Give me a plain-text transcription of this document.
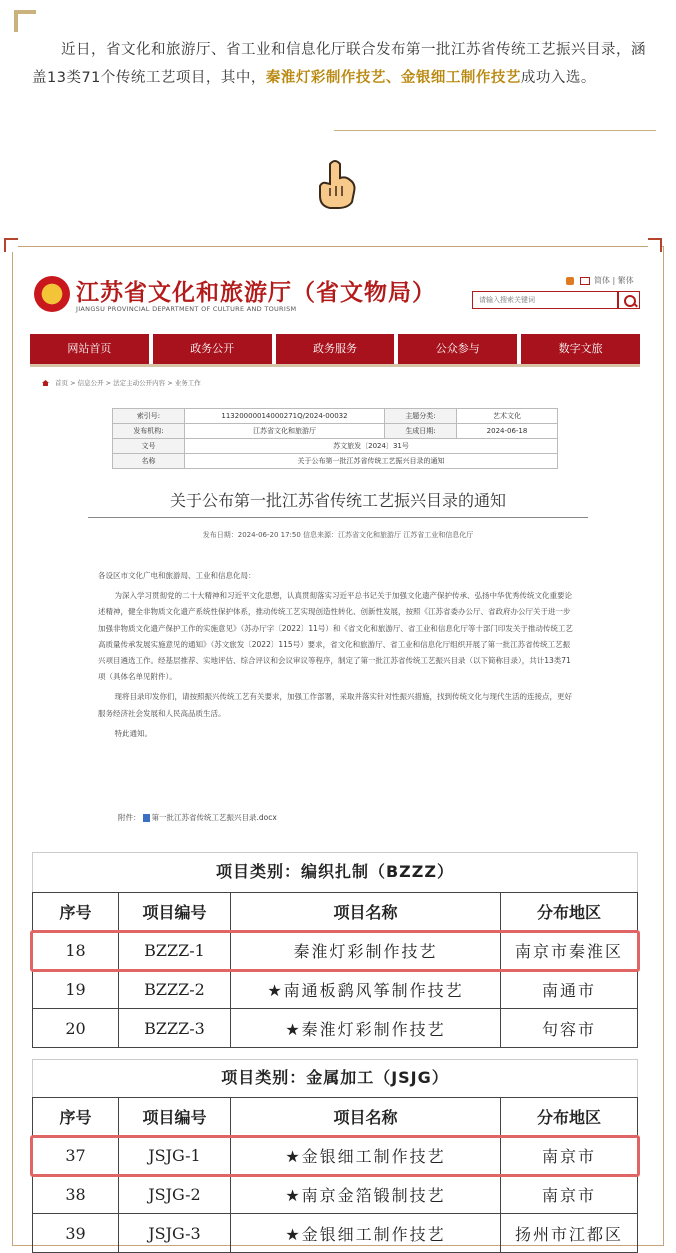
近日，省文化和旅游厅、省工业和信息化厅联合发布第一批江苏省传统工艺振兴目录，涵盖13类71个传统工艺项目，其中，秦淮灯彩制作技艺、金银细工制作技艺成功入选。

江苏省文化和旅游厅（省文物局）
JIANGSU PROVINCIAL DEPARTMENT OF CULTURE AND TOURISM
简体 | 繁体
请输入搜索关键词
网站首页	政务公开	政务服务	公众参与	数字文旅
首页 > 信息公开 > 法定主动公开内容 > 业务工作
索引号:	11320000014000271Q/2024-00032	主题分类:	艺术文化
发布机构:	江苏省文化和旅游厅	生成日期:	2024-06-18
文号	苏文旅发〔2024〕31号		
名称	关于公布第一批江苏省传统工艺振兴目录的通知		
关于公布第一批江苏省传统工艺振兴目录的通知
发布日期：2024-06-20 17:50 信息来源：江苏省文化和旅游厅 江苏省工业和信息化厅

各设区市文化广电和旅游局、工业和信息化局：

为深入学习贯彻党的二十大精神和习近平文化思想，认真贯彻落实习近平总书记关于加强文化遗产保护传承、弘扬中华优秀传统文化重要论述精神，健全非物质文化遗产系统性保护体系，推动传统工艺实现创造性转化、创新性发展，按照《江苏省委办公厅、省政府办公厅关于进一步加强非物质文化遗产保护工作的实施意见》（苏办厅字〔2022〕11号）和《省文化和旅游厅、省工业和信息化厅等十部门印发关于推动传统工艺高质量传承发展实施意见的通知》（苏文旅发〔2022〕115号）要求，省文化和旅游厅、省工业和信息化厅组织开展了第一批江苏省传统工艺振兴项目遴选工作。经基层推荐、实地评估、综合评议和会议审议等程序，制定了第一批江苏省传统工艺振兴目录（以下简称目录），共计13类71项（具体名单见附件）。

现将目录印发你们，请按照振兴传统工艺有关要求，加强工作部署，采取并落实针对性振兴措施，找到传统文化与现代生活的连接点，更好服务经济社会发展和人民高品质生活。

特此通知。

附件： 第一批江苏省传统工艺振兴目录.docx
项目类别：编织扎制（BZZZ）
序号	项目编号	项目名称	分布地区
18	BZZZ-1	秦淮灯彩制作技艺	南京市秦淮区
19	BZZZ-2	★南通板鹞风筝制作技艺	南通市
20	BZZZ-3	★秦淮灯彩制作技艺	句容市
项目类别：金属加工（JSJG）
序号	项目编号	项目名称	分布地区
37	JSJG-1	★金银细工制作技艺	南京市
38	JSJG-2	★南京金箔锻制技艺	南京市
39	JSJG-3	★金银细工制作技艺	扬州市江都区
